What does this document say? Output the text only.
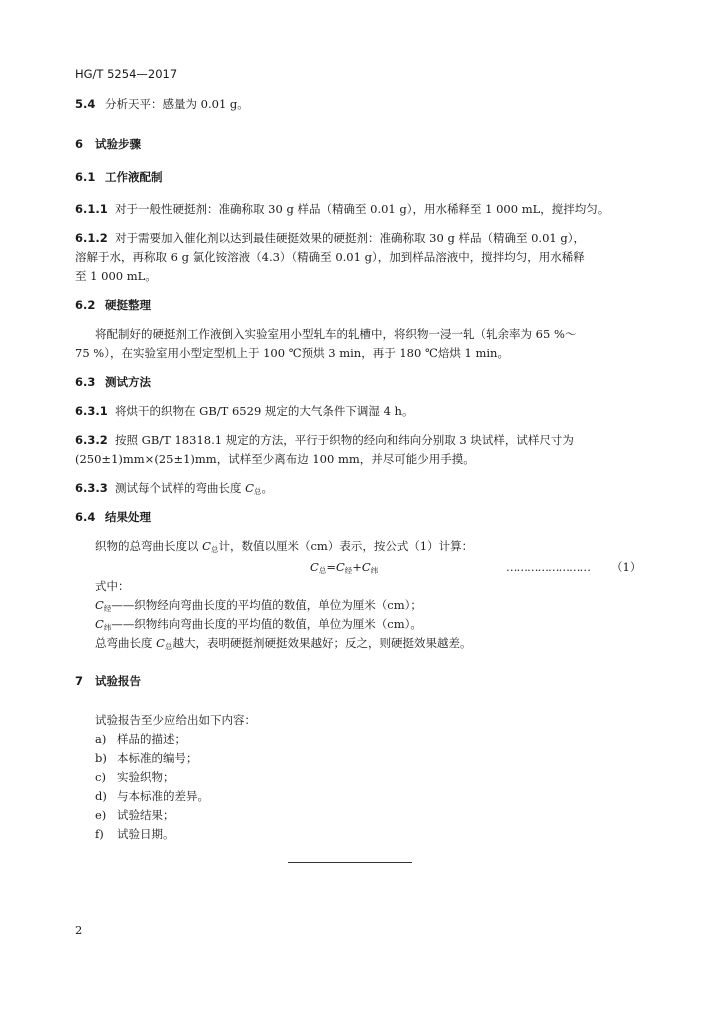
HG/T 5254—2017
5.4 分析天平：感量为 0.01 g。
6 试验步骤
6.1 工作液配制
6.1.1 对于一般性硬挺剂：准确称取 30 g 样品（精确至 0.01 g），用水稀释至 1 000 mL，搅拌均匀。
6.1.2 对于需要加入催化剂以达到最佳硬挺效果的硬挺剂：准确称取 30 g 样品（精确至 0.01 g），
溶解于水，再称取 6 g 氯化铵溶液（4.3）（精确至 0.01 g），加到样品溶液中，搅拌均匀，用水稀释
至 1 000 mL。
6.2 硬挺整理
将配制好的硬挺剂工作液倒入实验室用小型轧车的轧槽中，将织物一浸一轧（轧余率为 65 %～
75 %），在实验室用小型定型机上于 100 ℃预烘 3 min，再于 180 ℃焙烘 1 min。
6.3 测试方法
6.3.1 将烘干的织物在 GB/T 6529 规定的大气条件下调湿 4 h。
6.3.2 按照 GB/T 18318.1 规定的方法，平行于织物的经向和纬向分别取 3 块试样，试样尺寸为
(250±1)mm×(25±1)mm，试样至少离布边 100 mm，并尽可能少用手摸。
6.3.3 测试每个试样的弯曲长度 $C_总$。
6.4 结果处理
织物的总弯曲长度以 $C_总$计，数值以厘米（cm）表示，按公式（1）计算：
$C_总=C_经+C_纬$	…………………… （1）
式中：
$C_经——$织物经向弯曲长度的平均值的数值，单位为厘米（cm）；
$C_纬——$织物纬向弯曲长度的平均值的数值，单位为厘米（cm）。
总弯曲长度 $C_总$越大，表明硬挺剂硬挺效果越好；反之，则硬挺效果越差。
7 试验报告
试验报告至少应给出如下内容：
a) 样品的描述；
b) 本标准的编号；
c) 实验织物；
d) 与本标准的差异。
e) 试验结果；
f) 试验日期。
2
